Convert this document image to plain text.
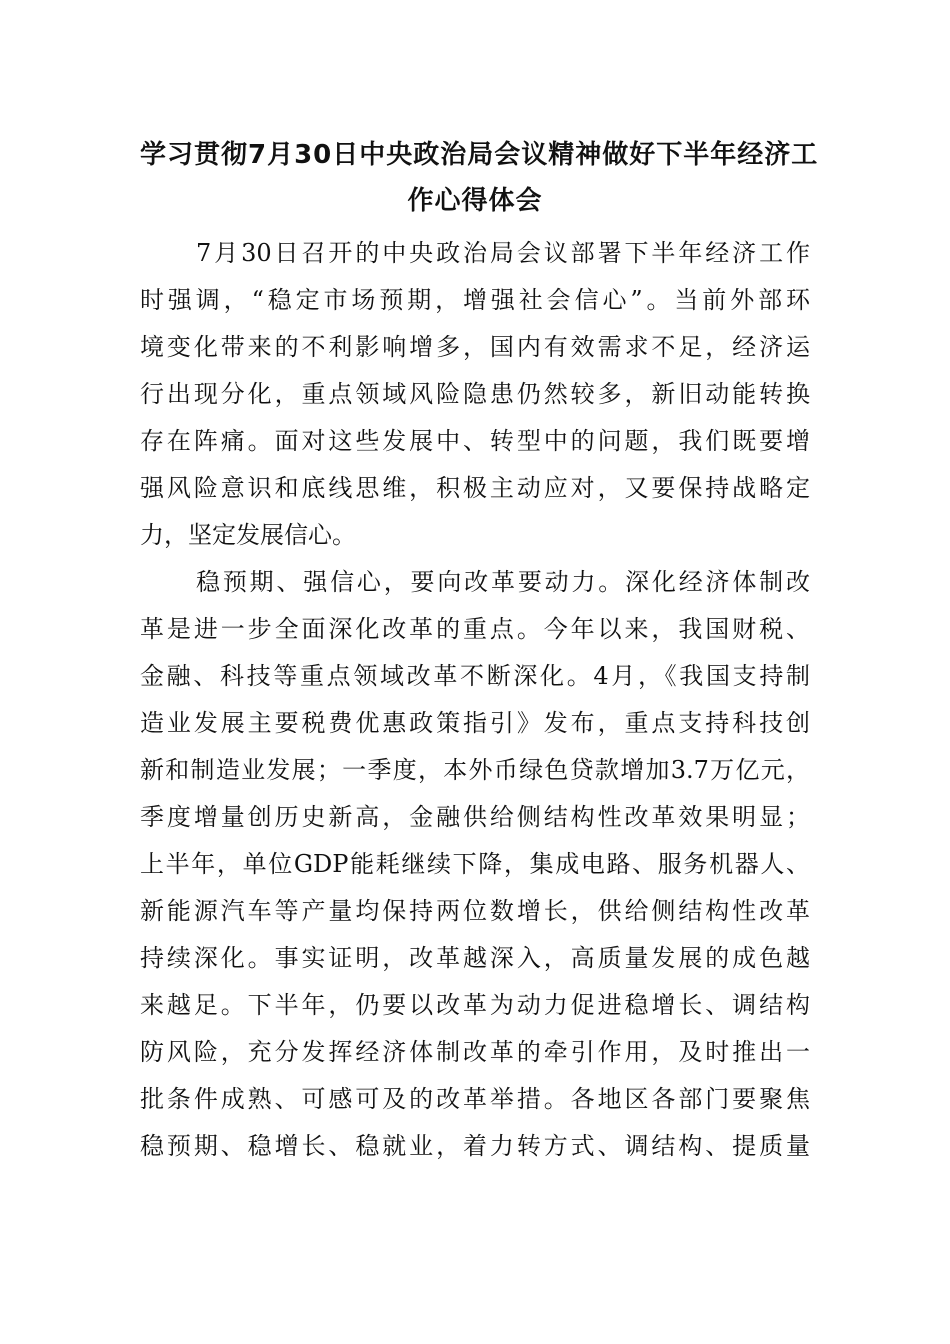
学习贯彻7月30日中央政治局会议精神做好下半年经济工
作心得体会
7月30日召开的中央政治局会议部署下半年经济工作
时强调，“稳定市场预期，增强社会信心”。当前外部环
境变化带来的不利影响增多，国内有效需求不足，经济运
行出现分化，重点领域风险隐患仍然较多，新旧动能转换
存在阵痛。面对这些发展中、转型中的问题，我们既要增
强风险意识和底线思维，积极主动应对，又要保持战略定
力，坚定发展信心。
稳预期、强信心，要向改革要动力。深化经济体制改
革是进一步全面深化改革的重点。今年以来，我国财税、
金融、科技等重点领域改革不断深化。4月，《我国支持制
造业发展主要税费优惠政策指引》发布，重点支持科技创
新和制造业发展；一季度，本外币绿色贷款增加3.7万亿元，
季度增量创历史新高，金融供给侧结构性改革效果明显；
上半年，单位GDP能耗继续下降，集成电路、服务机器人、
新能源汽车等产量均保持两位数增长，供给侧结构性改革
持续深化。事实证明，改革越深入，高质量发展的成色越
来越足。下半年，仍要以改革为动力促进稳增长、调结构
防风险，充分发挥经济体制改革的牵引作用，及时推出一
批条件成熟、可感可及的改革举措。各地区各部门要聚焦
稳预期、稳增长、稳就业，着力转方式、调结构、提质量
